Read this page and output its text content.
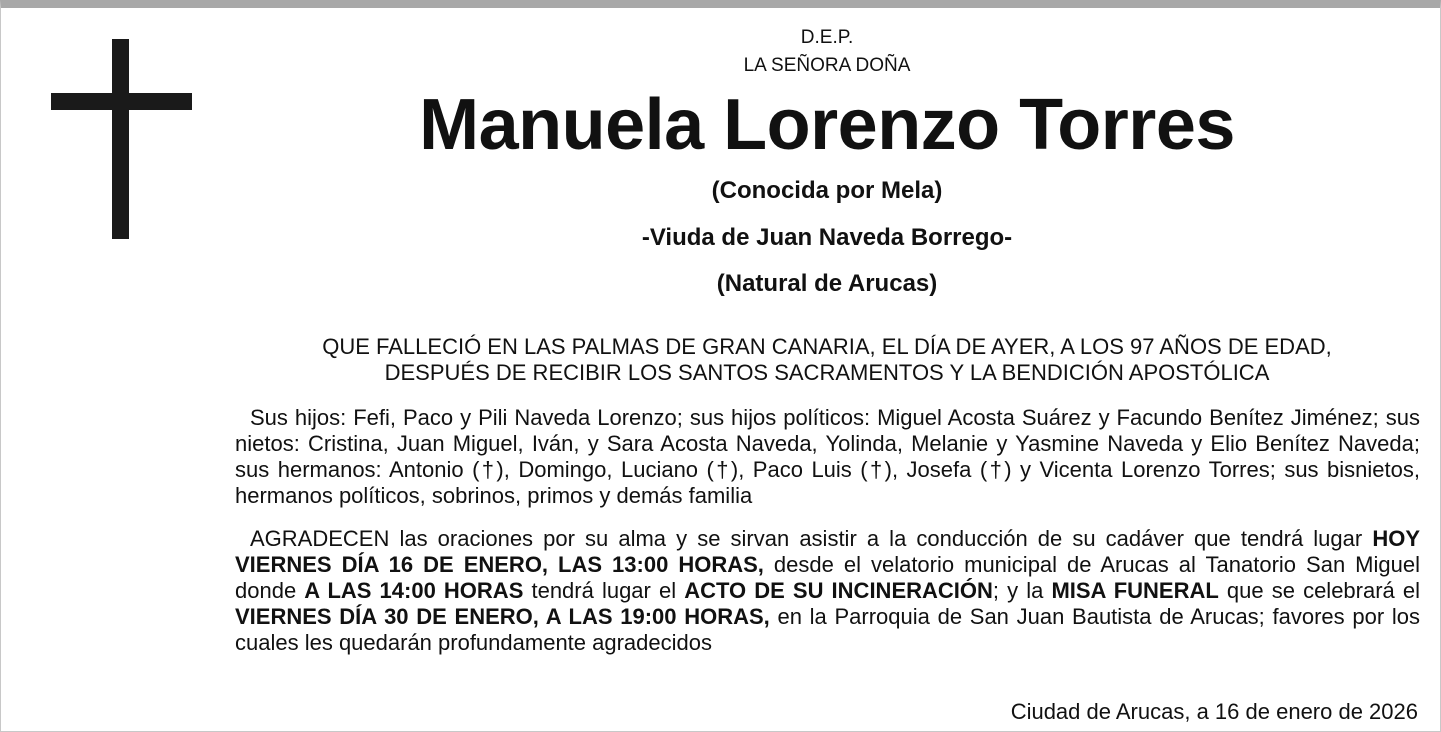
D.E.P.
LA SEÑORA DOÑA
Manuela Lorenzo Torres
(Conocida por Mela)
-Viuda de Juan Naveda Borrego-
(Natural de Arucas)
QUE FALLECIÓ EN LAS PALMAS DE GRAN CANARIA, EL DÍA DE AYER, A LOS 97 AÑOS DE EDAD,
DESPUÉS DE RECIBIR LOS SANTOS SACRAMENTOS Y LA BENDICIÓN APOSTÓLICA
Sus hijos: Fefi, Paco y Pili Naveda Lorenzo; sus hijos políticos: Miguel Acosta Suárez y Facundo Benítez Jiménez; sus nietos: Cristina, Juan Miguel, Iván, y Sara Acosta Naveda, Yolinda, Melanie y Yasmine Naveda y Elio Benítez Naveda; sus hermanos: Antonio (†), Domingo, Luciano (†), Paco Luis (†), Josefa (†) y Vicenta Lorenzo Torres; sus bisnietos, hermanos políticos, sobrinos, primos y demás familia
AGRADECEN las oraciones por su alma y se sirvan asistir a la conducción de su cadáver que tendrá lugar HOY VIERNES DÍA 16 DE ENERO, LAS 13:00 HORAS, desde el velatorio municipal de Arucas al Tanatorio San Miguel donde A LAS 14:00 HORAS tendrá lugar el ACTO DE SU INCINERACIÓN; y la MISA FUNERAL que se celebrará el VIERNES DÍA 30 DE ENERO, A LAS 19:00 HORAS, en la Parroquia de San Juan Bautista de Arucas; favores por los cuales les quedarán profundamente agradecidos
Ciudad de Arucas, a 16 de enero de 2026
